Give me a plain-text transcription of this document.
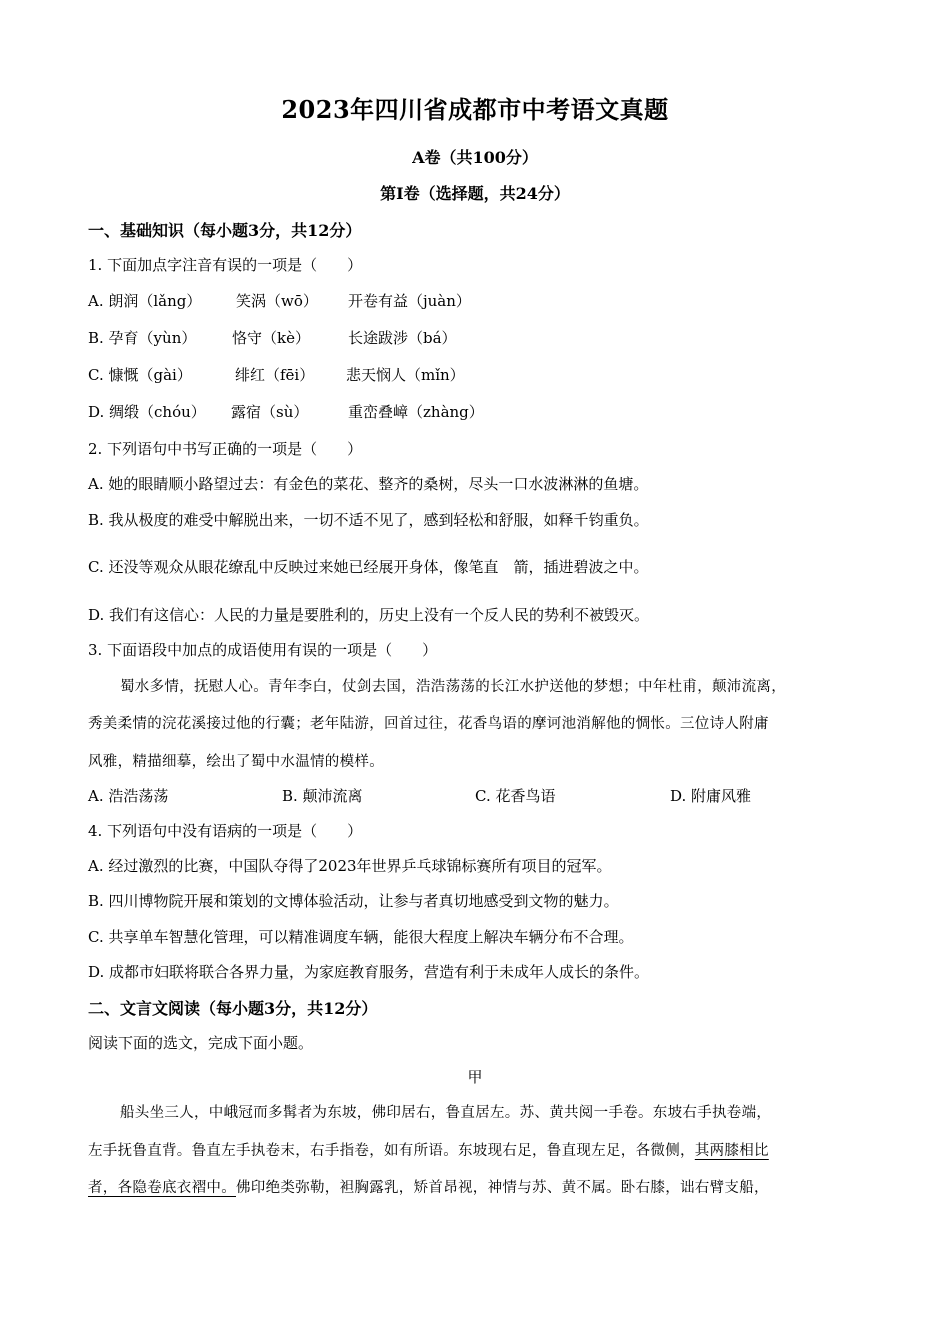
2023年四川省成都市中考语文真题
A卷（共100分）
第Ⅰ卷（选择题，共24分）
一、基础知识（每小题3分，共12分）
1. 下面加点字注音有误的一项是（　　）
A. 朗润（lǎng） 笑涡（wō） 开卷有益（juàn）
B. 孕育（yùn） 恪守（kè）	长途跋涉（bá）
C. 慷慨（gài）	绯红（fēi） 悲天悯人（mǐn）
D. 绸缎（chóu） 露宿（sù）	重峦叠嶂（zhàng）
2. 下列语句中书写正确的一项是（　　）
A. 她的眼睛顺小路望过去：有金色的菜花、整齐的桑树，尽头一口水波淋淋的鱼塘。
B. 我从极度的难受中解脱出来，一切不适不见了，感到轻松和舒服，如释千钧重负。
C. 还没等观众从眼花缭乱中反映过来她已经展开身体，像笔直　箭，插进碧波之中。
D. 我们有这信心：人民的力量是要胜利的，历史上没有一个反人民的势利不被毁灭。
3. 下面语段中加点的成语使用有误的一项是（　　）
蜀水多情，抚慰人心。青年李白，仗剑去国，浩浩荡荡的长江水护送他的梦想；中年杜甫，颠沛流离，
秀美柔情的浣花溪接过他的行囊；老年陆游，回首过往，花香鸟语的摩诃池消解他的惆怅。三位诗人附庸
风雅，精描细摹，绘出了蜀中水温情的模样。
A. 浩浩荡荡	B. 颠沛流离	C. 花香鸟语	D. 附庸风雅
4. 下列语句中没有语病的一项是（　　）
A. 经过激烈的比赛，中国队夺得了2023年世界乒乓球锦标赛所有项目的冠军。
B. 四川博物院开展和策划的文博体验活动，让参与者真切地感受到文物的魅力。
C. 共享单车智慧化管理，可以精准调度车辆，能很大程度上解决车辆分布不合理。
D. 成都市妇联将联合各界力量，为家庭教育服务，营造有利于未成年人成长的条件。
二、文言文阅读（每小题3分，共12分）
阅读下面的选文，完成下面小题。
甲
船头坐三人，中峨冠而多髯者为东坡，佛印居右，鲁直居左。苏、黄共阅一手卷。东坡右手执卷端，
左手抚鲁直背。鲁直左手执卷末，右手指卷，如有所语。东坡现右足，鲁直现左足，各微侧，其两膝相比
者，各隐卷底衣褶中。佛印绝类弥勒，袒胸露乳，矫首昂视，神情与苏、黄不属。卧右膝，诎右臂支船，
